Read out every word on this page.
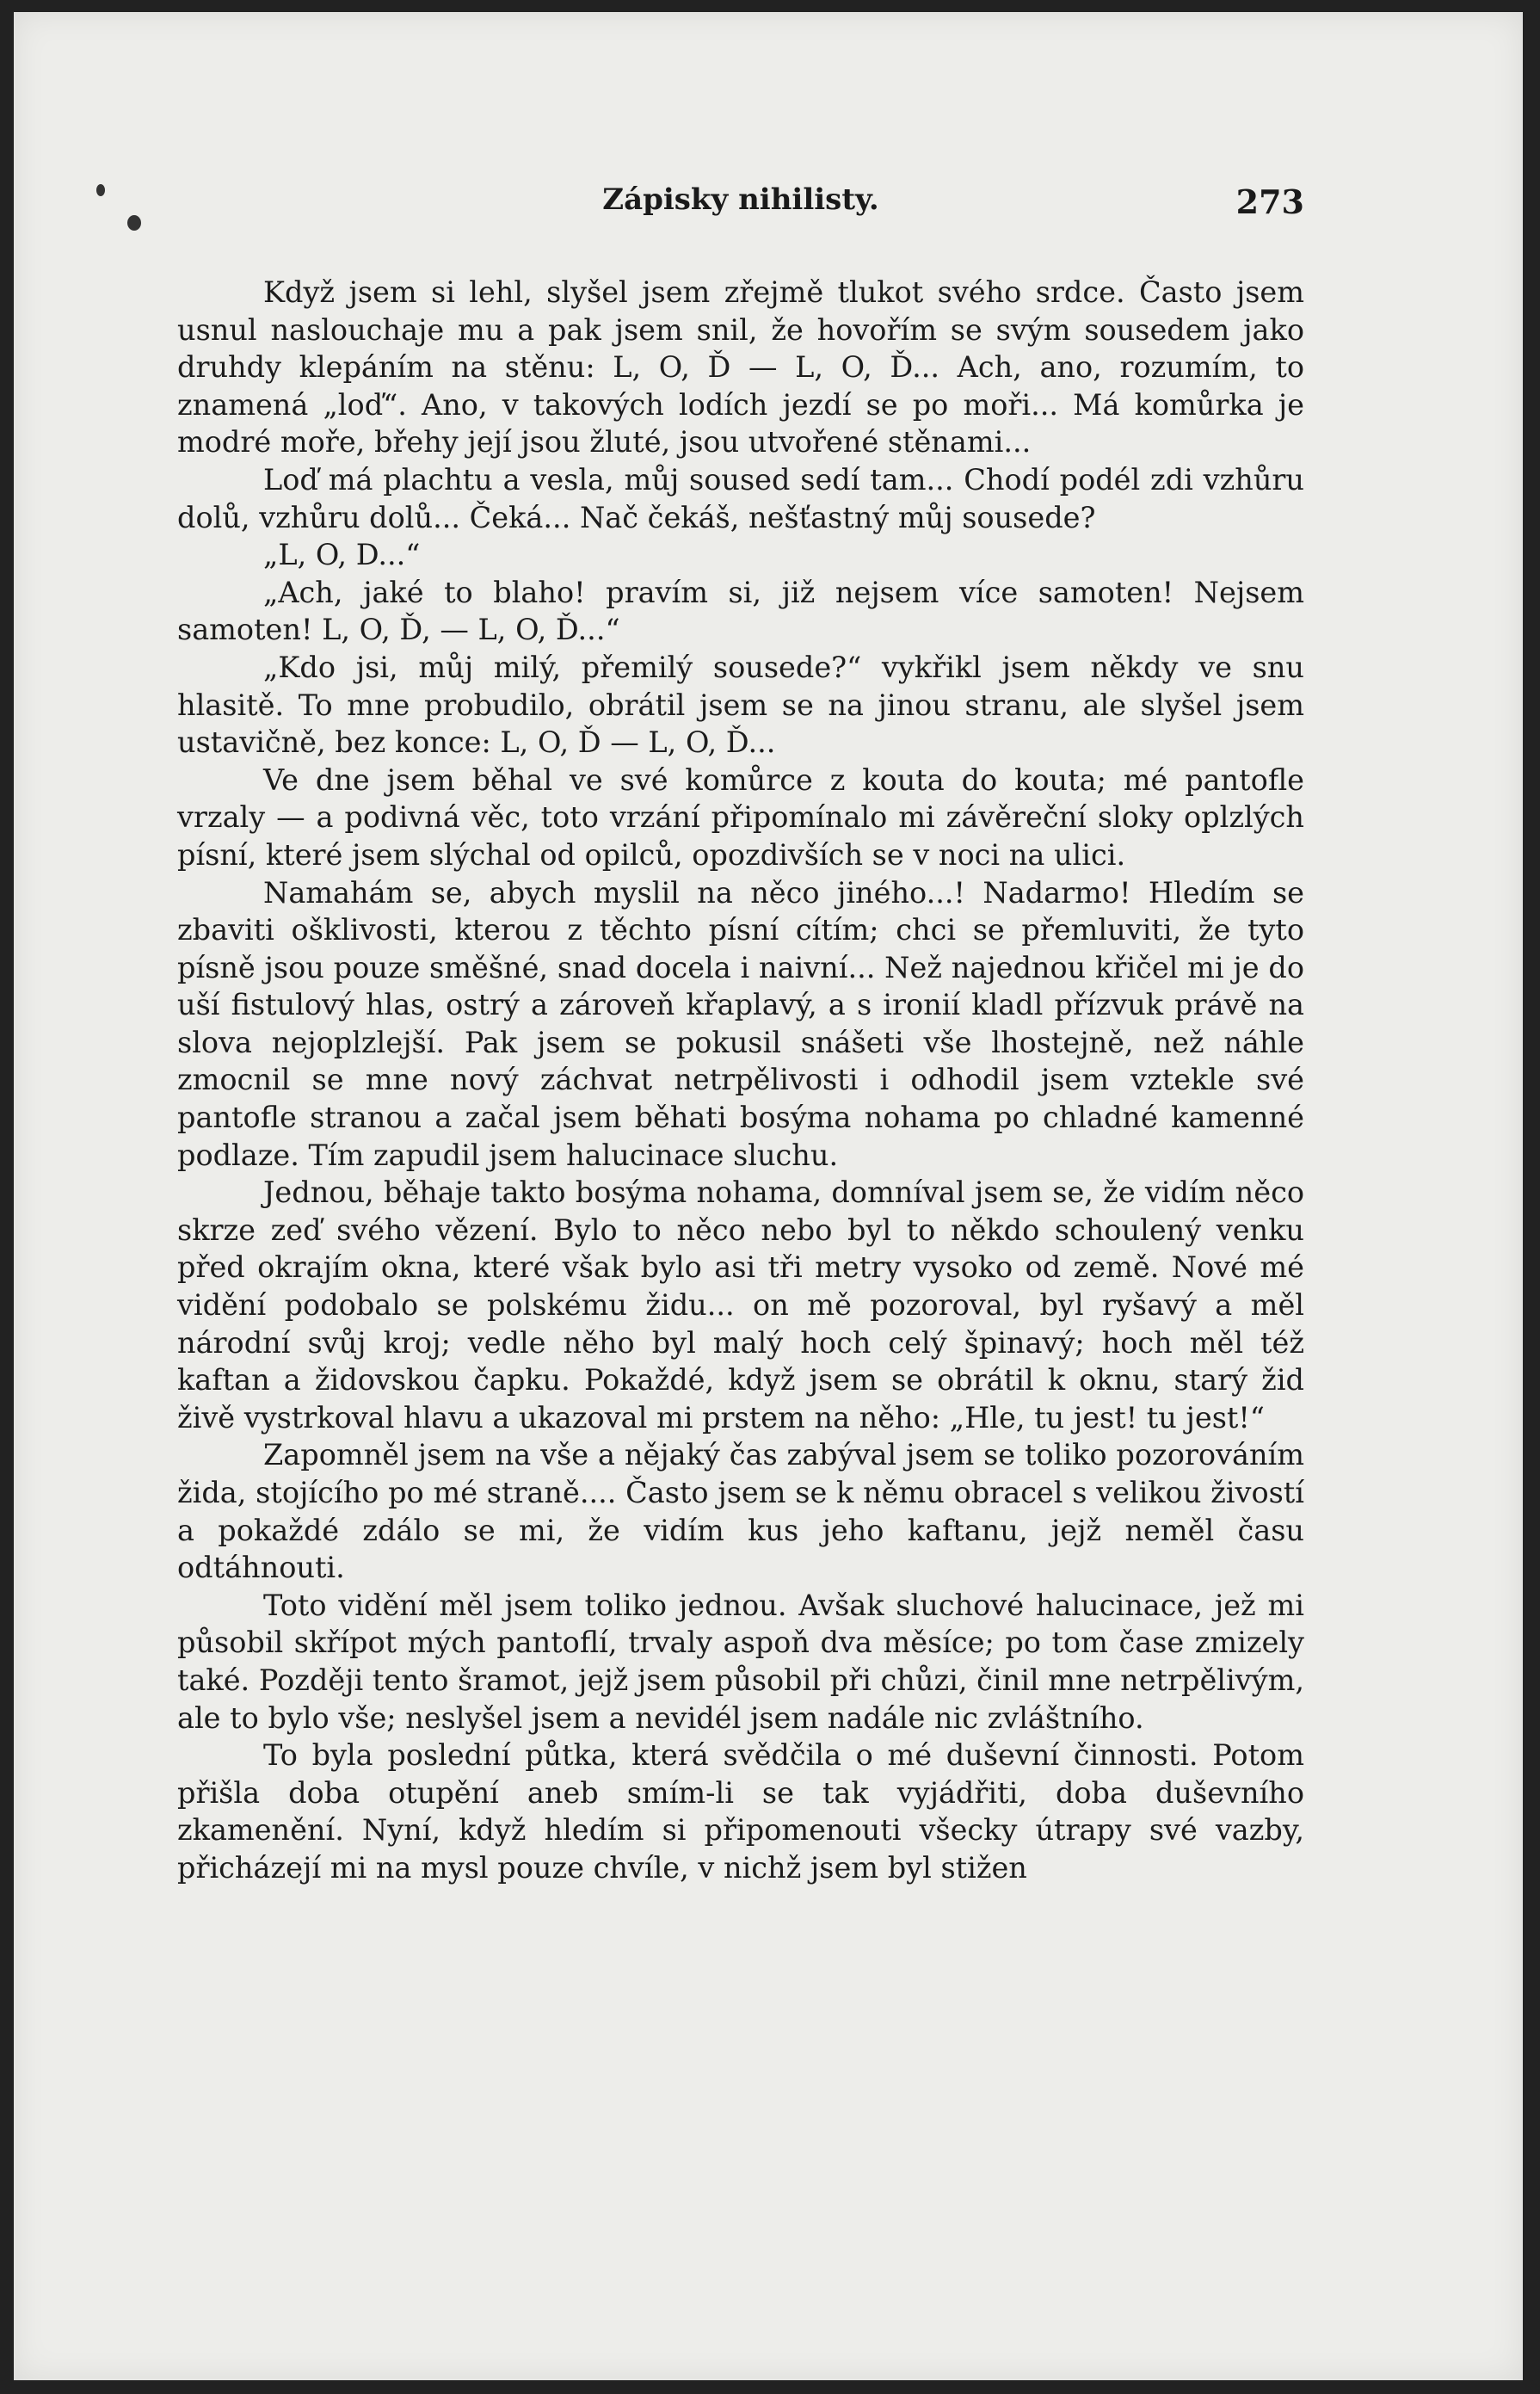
Zápisky nihilisty.	273

Když jsem si lehl, slyšel jsem zřejmě tlukot svého srdce. Často jsem usnul naslouchaje mu a pak jsem snil, že hovořím se svým sousedem jako druhdy klepáním na stěnu: L, O, Ď — L, O, Ď... Ach, ano, rozumím, to znamená „loď“. Ano, v takových lodích jezdí se po moři... Má komůrka je modré moře, břehy její jsou žluté, jsou utvořené stěnami...

Loď má plachtu a vesla, můj soused sedí tam... Chodí podél zdi vzhůru dolů, vzhůru dolů... Čeká... Nač čekáš, nešťastný můj sousede?

„L, O, D...“

„Ach, jaké to blaho! pravím si, již nejsem více samoten! Nejsem samoten! L, O, Ď, — L, O, Ď...“

„Kdo jsi, můj milý, přemilý sousede?“ vykřikl jsem někdy ve snu hlasitě. To mne probudilo, obrátil jsem se na jinou stranu, ale slyšel jsem ustavičně, bez konce: L, O, Ď — L, O, Ď...

Ve dne jsem běhal ve své komůrce z kouta do kouta; mé pantofle vrzaly — a podivná věc, toto vrzání připomínalo mi závěreční sloky oplzlých písní, které jsem slýchal od opilců, opozdivších se v noci na ulici.

Namahám se, abych myslil na něco jiného...! Nadarmo! Hledím se zbaviti ošklivosti, kterou z těchto písní cítím; chci se přemluviti, že tyto písně jsou pouze směšné, snad docela i naivní... Než najednou křičel mi je do uší fistulový hlas, ostrý a zároveň křaplavý, a s ironií kladl přízvuk právě na slova nejoplzlejší. Pak jsem se pokusil snášeti vše lhostejně, než náhle zmocnil se mne nový záchvat netrpělivosti i odhodil jsem vztekle své pantofle stranou a začal jsem běhati bosýma nohama po chladné kamenné podlaze. Tím zapudil jsem halucinace sluchu.

Jednou, běhaje takto bosýma nohama, domníval jsem se, že vidím něco skrze zeď svého vězení. Bylo to něco nebo byl to někdo schoulený venku před okrajím okna, které však bylo asi tři metry vysoko od země. Nové mé vidění podobalo se polskému židu... on mě pozoroval, byl ryšavý a měl národní svůj kroj; vedle něho byl malý hoch celý špinavý; hoch měl též kaftan a židovskou čapku. Pokaždé, když jsem se obrátil k oknu, starý žid živě vystrkoval hlavu a ukazoval mi prstem na něho: „Hle, tu jest! tu jest!“

Zapomněl jsem na vše a nějaký čas zabýval jsem se toliko pozorováním žida, stojícího po mé straně.... Často jsem se k němu obracel s velikou živostí a pokaždé zdálo se mi, že vidím kus jeho kaftanu, jejž neměl času odtáhnouti.

Toto vidění měl jsem toliko jednou. Avšak sluchové halucinace, jež mi působil skřípot mých pantoflí, trvaly aspoň dva měsíce; po tom čase zmizely také. Později tento šramot, jejž jsem působil při chůzi, činil mne netrpělivým, ale to bylo vše; neslyšel jsem a nevidél jsem nadále nic zvláštního.

To byla poslední půtka, která svědčila o mé duševní činnosti. Potom přišla doba otupění aneb smím-li se tak vyjádřiti, doba duševního zkamenění. Nyní, když hledím si připomenouti všecky útrapy své vazby, přicházejí mi na mysl pouze chvíle, v nichž jsem byl stižen
